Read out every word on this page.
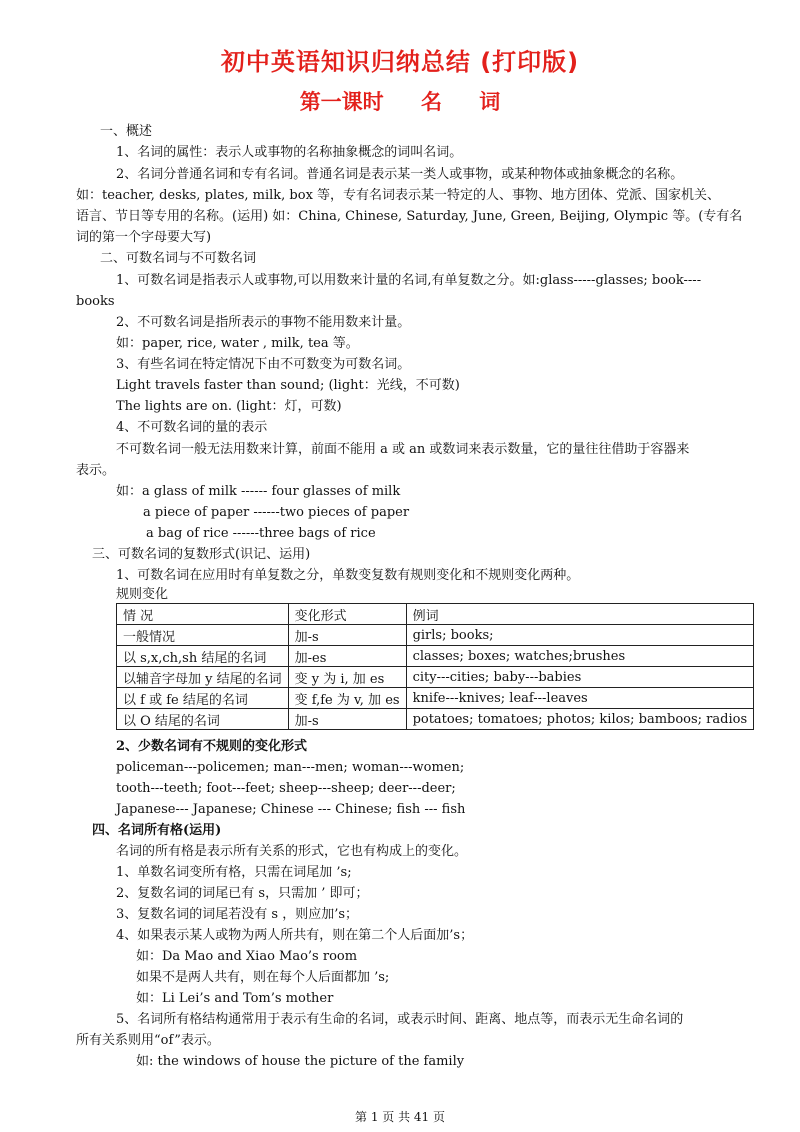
初中英语知识归纳总结 (打印版)
第一课时 名 词
一、概述
1、名词的属性：表示人或事物的名称抽象概念的词叫名词。
2、名词分普通名词和专有名词。普通名词是表示某一类人或事物，或某种物体或抽象概念的名称。
如：teacher, desks, plates, milk, box 等，专有名词表示某一特定的人、事物、地方团体、党派、国家机关、
语言、节日等专用的名称。(运用) 如：China, Chinese, Saturday, June, Green, Beijing, Olympic 等。(专有名
词的第一个字母要大写)
二、可数名词与不可数名词
1、可数名词是指表示人或事物,可以用数来计量的名词,有单复数之分。如:glass-----glasses; book----
books
2、不可数名词是指所表示的事物不能用数来计量。
如：paper, rice, water , milk, tea 等。
3、有些名词在特定情况下由不可数变为可数名词。
Light travels faster than sound; (light：光线，不可数)
The lights are on. (light：灯，可数)
4、不可数名词的量的表示
不可数名词一般无法用数来计算，前面不能用 a 或 an 或数词来表示数量，它的量往往借助于容器来
表示。
如：a glass of milk ------ four glasses of milk
a piece of paper ------two pieces of paper
a bag of rice ------three bags of rice
三、可数名词的复数形式(识记、运用)
1、可数名词在应用时有单复数之分，单数变复数有规则变化和不规则变化两种。
规则变化
情 况	变化形式	例词
一般情况	加-s	girls; books;
以 s,x,ch,sh 结尾的名词	加-es	classes; boxes; watches;brushes
以辅音字母加 y 结尾的名词	变 y 为 i, 加 es	city---cities; baby---babies
以 f 或 fe 结尾的名词	变 f,fe 为 v, 加 es	knife---knives; leaf---leaves
以 O 结尾的名词	加-s	potatoes; tomatoes; photos; kilos; bamboos; radios
2、少数名词有不规则的变化形式
policeman---policemen; man---men; woman---women;
tooth---teeth; foot---feet; sheep---sheep; deer---deer;
Japanese--- Japanese; Chinese --- Chinese; fish --- fish
四、名词所有格(运用)
名词的所有格是表示所有关系的形式，它也有构成上的变化。
1、单数名词变所有格，只需在词尾加 ’s;
2、复数名词的词尾已有 s，只需加 ’ 即可；
3、复数名词的词尾若没有 s ，则应加’s；
4、如果表示某人或物为两人所共有，则在第二个人后面加’s；
如：Da Mao and Xiao Mao’s room
如果不是两人共有，则在每个人后面都加 ’s;
如：Li Lei’s and Tom’s mother
5、名词所有格结构通常用于表示有生命的名词，或表示时间、距离、地点等，而表示无生命名词的
所有关系则用“of”表示。
如: the windows of house the picture of the family
第 1 页 共 41 页
